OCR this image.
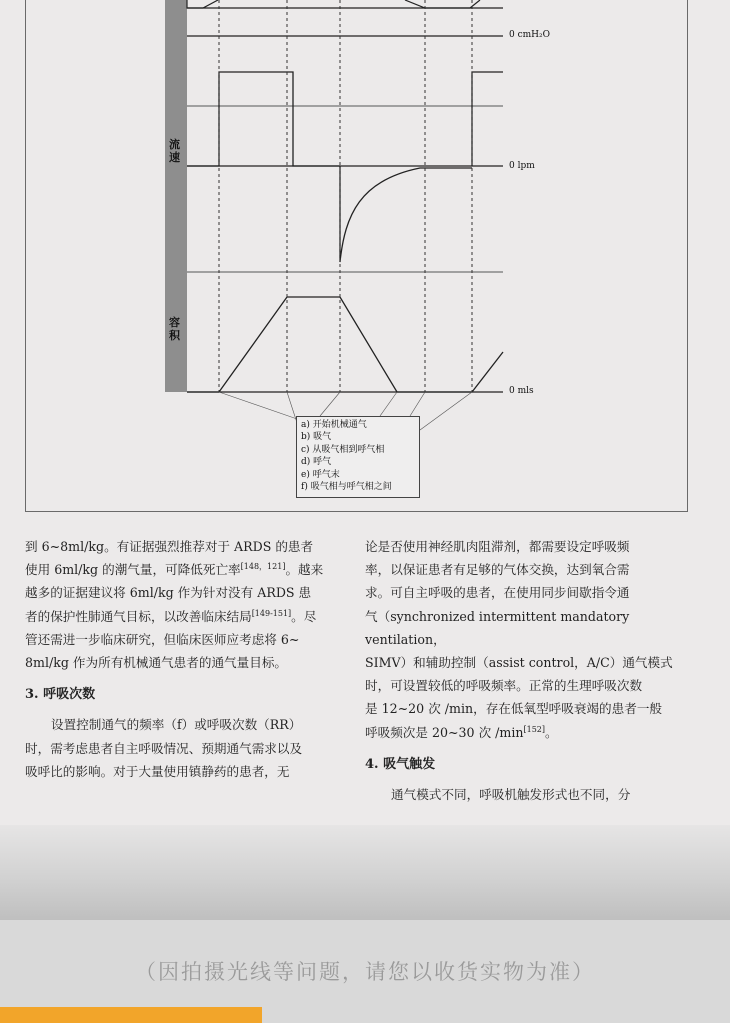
流速
容积
0 cmH₂O
0 lpm
0 mls
a) 开始机械通气
b) 吸气
c) 从吸气相到呼气相
d) 呼气
e) 呼气末
f) 吸气相与呼气相之间

到 6~8ml/kg。有证据强烈推荐对于 ARDS 的患者
使用 6ml/kg 的潮气量，可降低死亡率[148，121]。越来
越多的证据建议将 6ml/kg 作为针对没有 ARDS 患
者的保护性肺通气目标，以改善临床结局[149-151]。尽
管还需进一步临床研究，但临床医师应考虑将 6~
8ml/kg 作为所有机械通气患者的通气量目标。

3. 呼吸次数

设置控制通气的频率（f）或呼吸次数（RR）
时，需考虑患者自主呼吸情况、预期通气需求以及
吸呼比的影响。对于大量使用镇静药的患者，无

论是否使用神经肌肉阻滞剂，都需要设定呼吸频
率，以保证患者有足够的气体交换，达到氧合需
求。可自主呼吸的患者，在使用同步间歇指令通
气（synchronized intermittent mandatory ventilation，
SIMV）和辅助控制（assist control，A/C）通气模式
时，可设置较低的呼吸频率。正常的生理呼吸次数
是 12~20 次 /min，存在低氧型呼吸衰竭的患者一般
呼吸频次是 20~30 次 /min[152]。

4. 吸气触发

通气模式不同，呼吸机触发形式也不同，分

（因拍摄光线等问题，请您以收货实物为准）
